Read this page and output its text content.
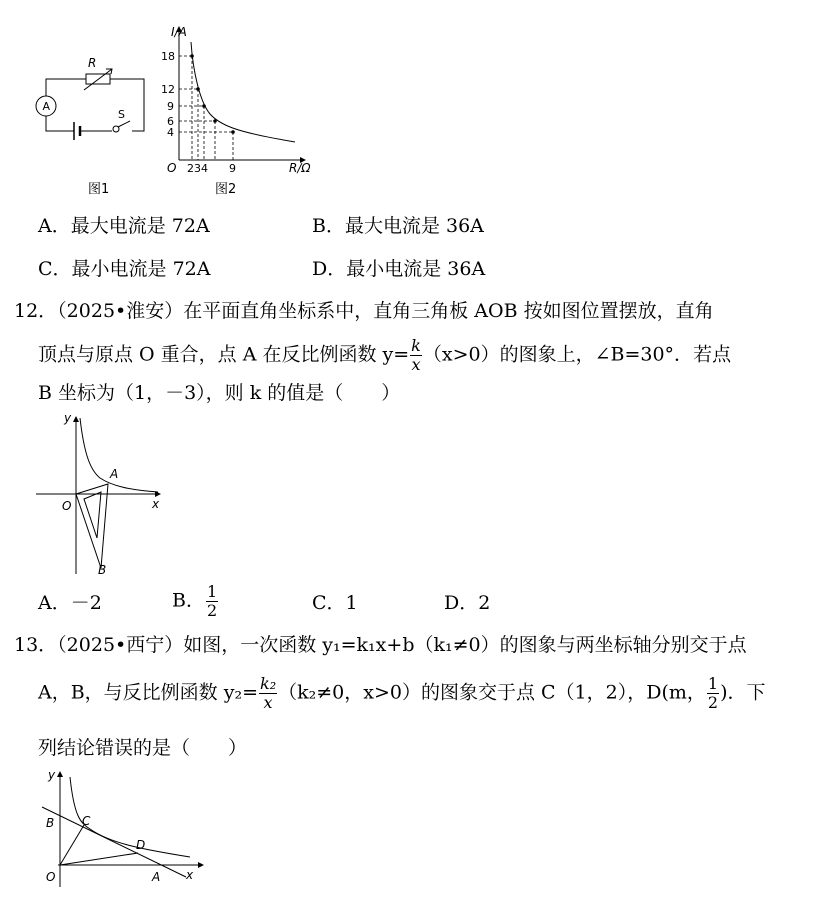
A
R
S
图1
I/A
18
12
9
6
4
O 234 9	R/Ω
图2
A．最大电流是 72A	B．最大电流是 36A
C．最小电流是 72A	D．最小电流是 36A
12．（2025•淮安）在平面直角坐标系中，直角三角板 AOB 按如图位置摆放，直角
顶点与原点 O 重合，点 A 在反比例函数 $y= \frac{k}{x} (x>0)$的图象上，∠B=30°．若点
B 坐标为（1，－3），则 k 的值是（　　）
y
x
O
A
B
A．－2	B． $\frac{1}{2}$	C．1	D．2
13．（2025•西宁）如图，一次函数 y₁=k₁x+b（k₁≠0）的图象与两坐标轴分别交于点
A，B，与反比例函数 $y_2= \frac{\text{k₂}}{x} (k_2\ne 0$，x>0）的图象交于点 C（1，2），D(m， $\frac{1}{2}$ )．下
列结论错误的是（　　）
y
x
O	A
B C
D
